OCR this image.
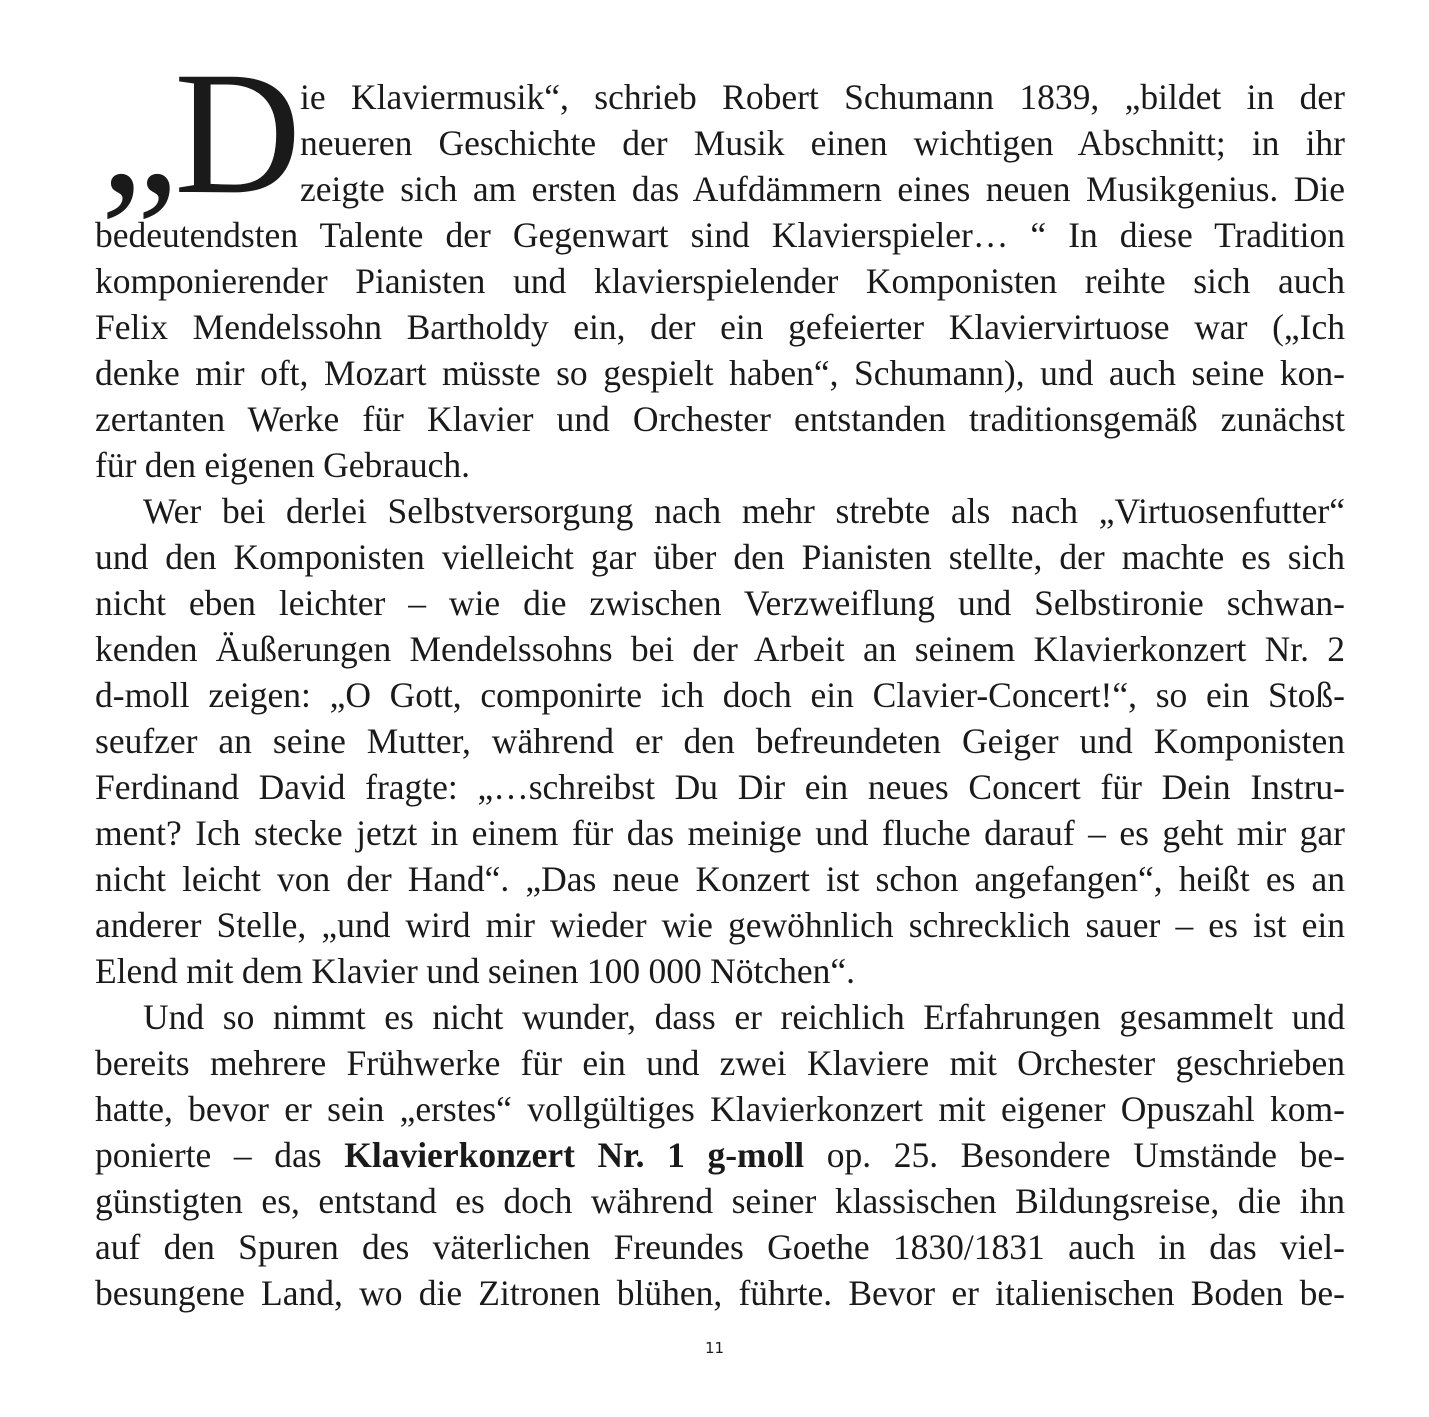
„D ie Klaviermusik“, schrieb Robert Schumann 1839, „bildet in der
neueren Geschichte der Musik einen wichtigen Abschnitt; in ihr
zeigte sich am ersten das Aufdämmern eines neuen Musikgenius. Die
bedeutendsten Talente der Gegenwart sind Klavierspieler… “ In diese Tradition
komponierender Pianisten und klavierspielender Komponisten reihte sich auch
Felix Mendelssohn Bartholdy ein, der ein gefeierter Klaviervirtuose war („Ich
denke mir oft, Mozart müsste so gespielt haben“, Schumann), und auch seine kon-
zertanten Werke für Klavier und Orchester entstanden traditionsgemäß zunächst
für den eigenen Gebrauch.
Wer bei derlei Selbstversorgung nach mehr strebte als nach „Virtuosenfutter“
und den Komponisten vielleicht gar über den Pianisten stellte, der machte es sich
nicht eben leichter – wie die zwischen Verzweiflung und Selbstironie schwan-
kenden Äußerungen Mendelssohns bei der Arbeit an seinem Klavierkonzert Nr. 2
d-moll zeigen: „O Gott, componirte ich doch ein Clavier-Concert!“, so ein Stoß-
seufzer an seine Mutter, während er den befreundeten Geiger und Komponisten
Ferdinand David fragte: „…schreibst Du Dir ein neues Concert für Dein Instru-
ment? Ich stecke jetzt in einem für das meinige und fluche darauf – es geht mir gar
nicht leicht von der Hand“. „Das neue Konzert ist schon angefangen“, heißt es an
anderer Stelle, „und wird mir wieder wie gewöhnlich schrecklich sauer – es ist ein
Elend mit dem Klavier und seinen 100 000 Nötchen“.
Und so nimmt es nicht wunder, dass er reichlich Erfahrungen gesammelt und
bereits mehrere Frühwerke für ein und zwei Klaviere mit Orchester geschrieben
hatte, bevor er sein „erstes“ vollgültiges Klavierkonzert mit eigener Opuszahl kom-
ponierte – das Klavierkonzert Nr. 1 g-moll op. 25. Besondere Umstände be-
günstigten es, entstand es doch während seiner klassischen Bildungsreise, die ihn
auf den Spuren des väterlichen Freundes Goethe 1830/1831 auch in das viel-
besungene Land, wo die Zitronen blühen, führte. Bevor er italienischen Boden be-
11
